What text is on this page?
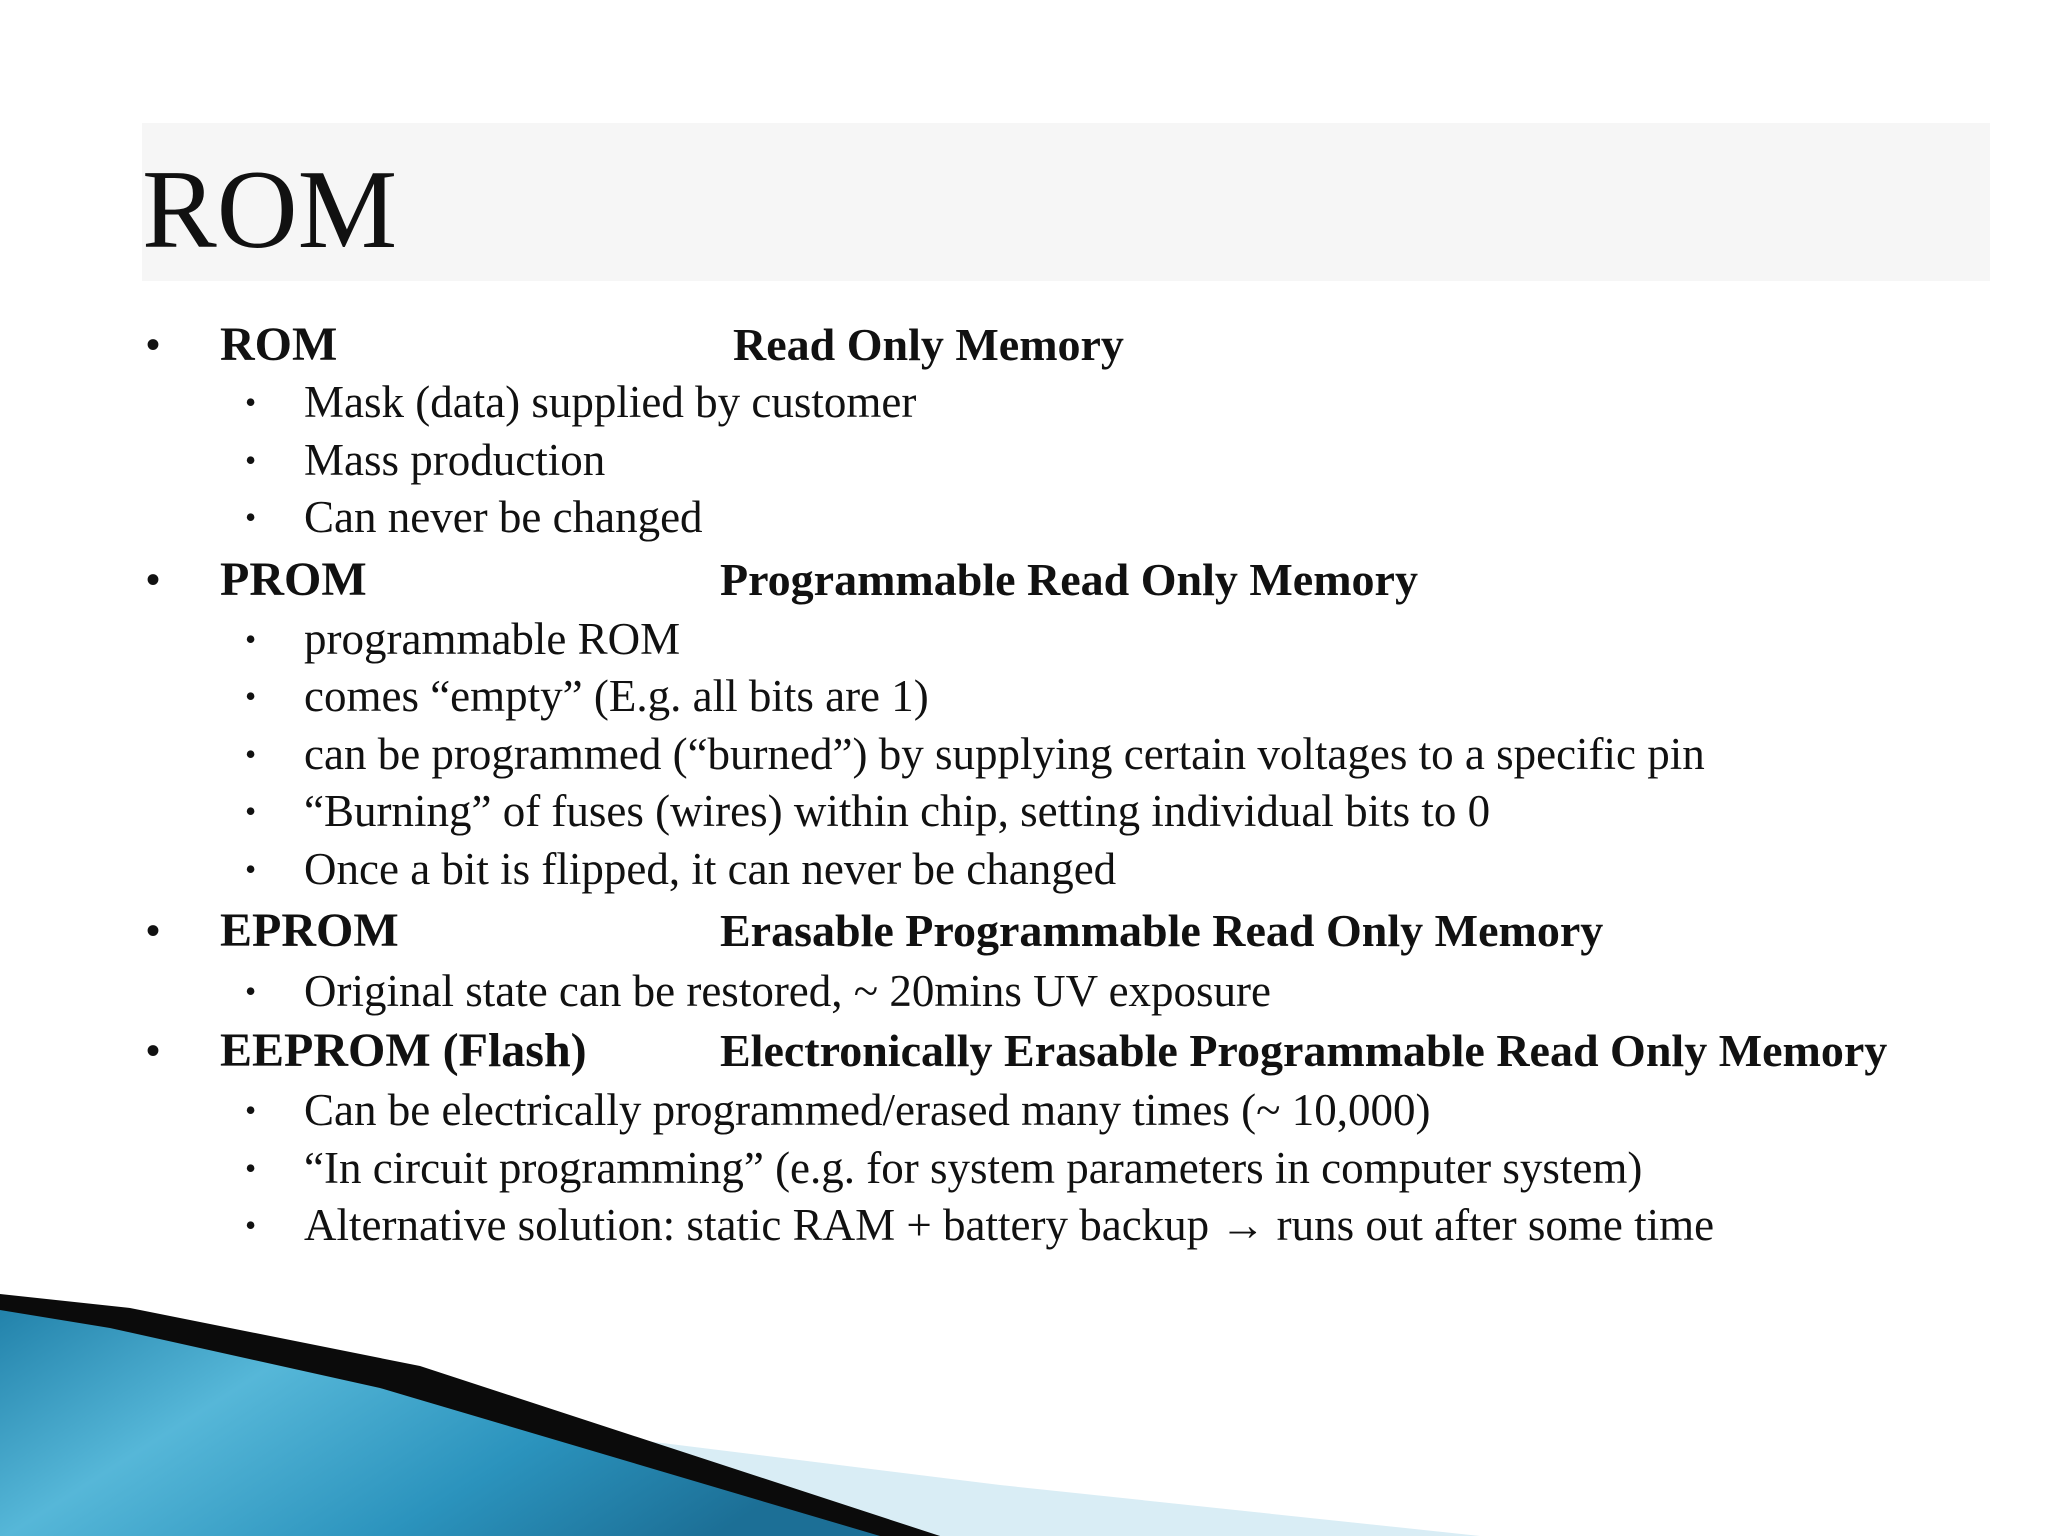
ROM
• ROM	Read Only Memory
• Mask (data) supplied by customer
• Mass production
• Can never be changed
• PROM	Programmable Read Only Memory
• programmable ROM
• comes “empty” (E.g. all bits are 1)
• can be programmed (“burned”) by supplying certain voltages to a specific pin
• “Burning” of fuses (wires) within chip, setting individual bits to 0
• Once a bit is flipped, it can never be changed
• EPROM	Erasable Programmable Read Only Memory
• Original state can be restored, ~ 20mins UV exposure
• EEPROM (Flash)	Electronically Erasable Programmable Read Only Memory
• Can be electrically programmed/erased many times (~ 10,000)
• “In circuit programming” (e.g. for system parameters in computer system)
• Alternative solution: static RAM + battery backup → runs out after some time
